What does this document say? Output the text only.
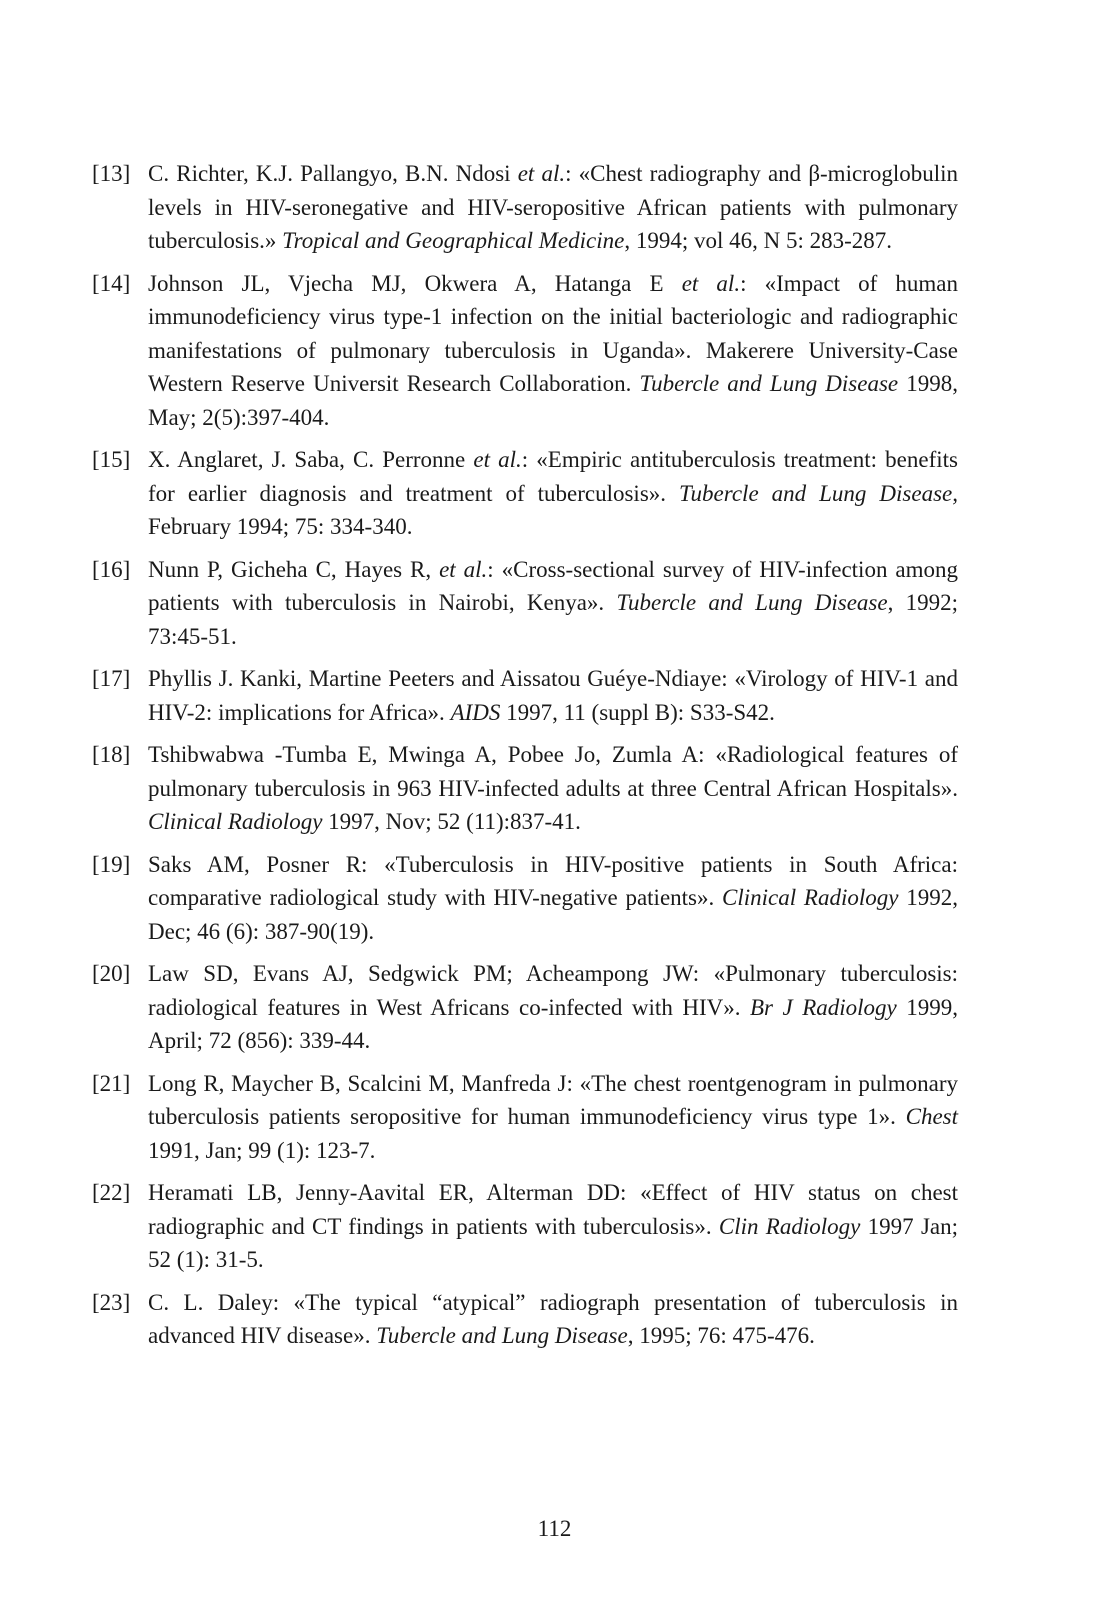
[13] C. Richter, K.J. Pallangyo, B.N. Ndosi et al.: «Chest radiography and β-microglobulin levels in HIV-seronegative and HIV-seropositive African patients with pulmonary tuberculosis.» Tropical and Geographical Medicine, 1994; vol 46, N 5: 283-287.
[14] Johnson JL, Vjecha MJ, Okwera A, Hatanga E et al.: «Impact of human immunodeficiency virus type-1 infection on the initial bacteriologic and radiographic manifestations of pulmonary tuberculosis in Uganda». Makerere University-Case Western Reserve Universit Research Collaboration. Tubercle and Lung Disease 1998, May; 2(5):397-404.
[15] X. Anglaret, J. Saba, C. Perronne et al.: «Empiric antituberculosis treatment: benefits for earlier diagnosis and treatment of tuberculosis». Tubercle and Lung Disease, February 1994; 75: 334-340.
[16] Nunn P, Gicheha C, Hayes R, et al.: «Cross-sectional survey of HIV-infection among patients with tuberculosis in Nairobi, Kenya». Tubercle and Lung Disease, 1992; 73:45-51.
[17] Phyllis J. Kanki, Martine Peeters and Aissatou Guéye-Ndiaye: «Virology of HIV-1 and HIV-2: implications for Africa». AIDS 1997, 11 (suppl B): S33-S42.
[18] Tshibwabwa -Tumba E, Mwinga A, Pobee Jo, Zumla A: «Radiological features of pulmonary tuberculosis in 963 HIV-infected adults at three Central African Hospitals». Clinical Radiology 1997, Nov; 52 (11):837-41.
[19] Saks AM, Posner R: «Tuberculosis in HIV-positive patients in South Africa: comparative radiological study with HIV-negative patients». Clinical Radiology 1992, Dec; 46 (6): 387-90(19).
[20] Law SD, Evans AJ, Sedgwick PM; Acheampong JW: «Pulmonary tuberculosis: radiological features in West Africans co-infected with HIV». Br J Radiology 1999, April; 72 (856): 339-44.
[21] Long R, Maycher B, Scalcini M, Manfreda J: «The chest roentgenogram in pulmonary tuberculosis patients seropositive for human immunodeficiency virus type 1». Chest 1991, Jan; 99 (1): 123-7.
[22] Heramati LB, Jenny-Aavital ER, Alterman DD: «Effect of HIV status on chest radiographic and CT findings in patients with tuberculosis». Clin Radiology 1997 Jan; 52 (1): 31-5.
[23] C. L. Daley: «The typical “atypical” radiograph presentation of tuberculosis in advanced HIV disease». Tubercle and Lung Disease, 1995; 76: 475-476.
112
